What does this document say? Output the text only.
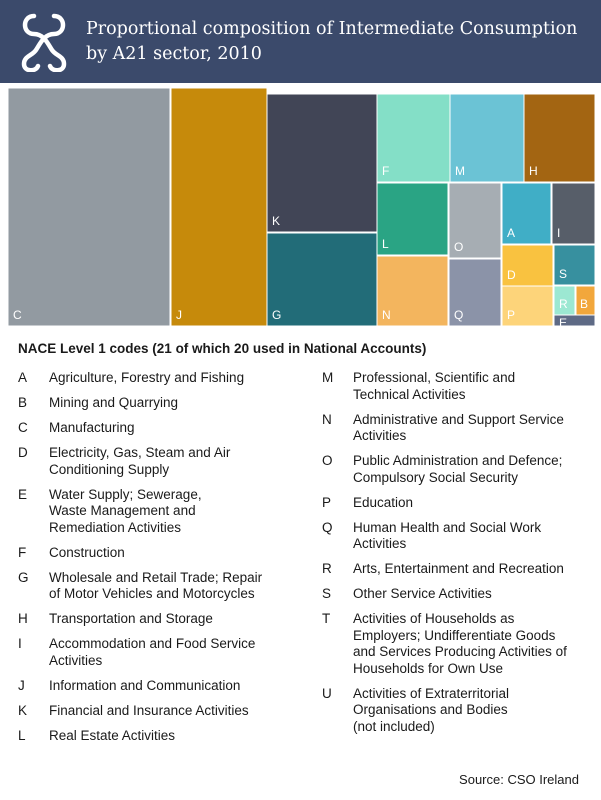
Proportional composition of Intermediate Consumption
by A21 sector, 2010
C	J
K
G
F	M	H
L
N
O
Q
A	I
D
P
S
R B
E
NACE Level 1 codes (21 of which 20 used in National Accounts)
A	Agriculture, Forestry and Fishing
B	Mining and Quarrying
C	Manufacturing
D	Electricity, Gas, Steam and Air
Conditioning Supply
E	Water Supply; Sewerage,
Waste Management and
Remediation Activities
F	Construction
G	Wholesale and Retail Trade; Repair
of Motor Vehicles and Motorcycles
H	Transportation and Storage
I	Accommodation and Food Service
Activities
J	Information and Communication
K	Financial and Insurance Activities
L	Real Estate Activities
M	Professional, Scientific and
Technical Activities
N	Administrative and Support Service
Activities
O	Public Administration and Defence;
Compulsory Social Security
P	Education
Q	Human Health and Social Work
Activities
R	Arts, Entertainment and Recreation
S	Other Service Activities
T	Activities of Households as
Employers; Undifferentiate Goods
and Services Producing Activities of
Households for Own Use
U	Activities of Extraterritorial
Organisations and Bodies
(not included)
Source: CSO Ireland
